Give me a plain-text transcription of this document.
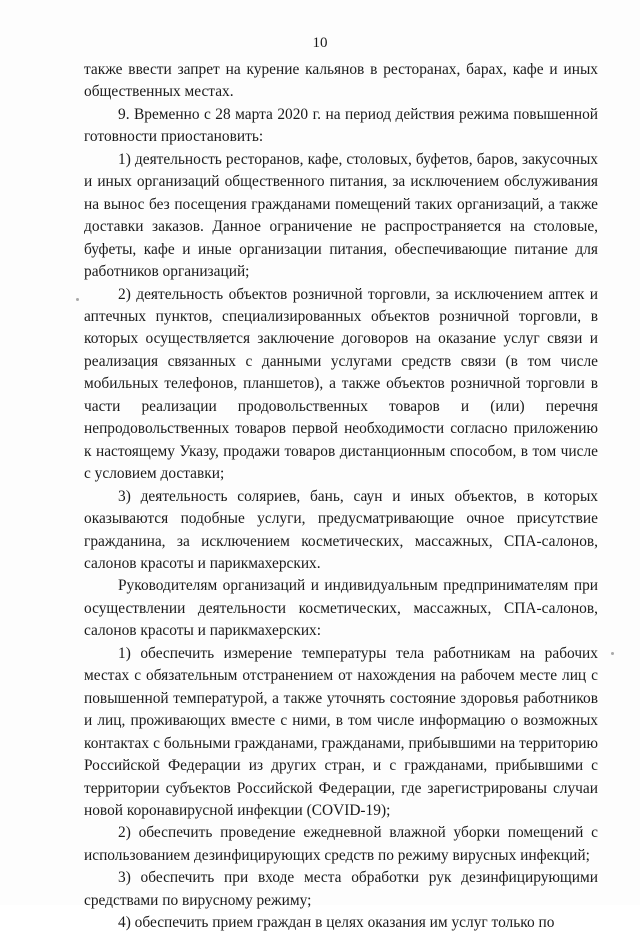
10

также ввести запрет на курение кальянов в ресторанах, барах, кафе и иных общественных местах.

9. Временно с 28 марта 2020 г. на период действия режима повышенной готовности приостановить:

1) деятельность ресторанов, кафе, столовых, буфетов, баров, закусочных и иных организаций общественного питания, за исключением обслуживания на вынос без посещения гражданами помещений таких организаций, а также доставки заказов. Данное ограничение не распространяется на столовые, буфеты, кафе и иные организации питания, обеспечивающие питание для работников организаций;

2) деятельность объектов розничной торговли, за исключением аптек и аптечных пунктов, специализированных объектов розничной торговли, в которых осуществляется заключение договоров на оказание услуг связи и реализация связанных с данными услугами средств связи (в том числе мобильных телефонов, планшетов), а также объектов розничной торговли в части реализации продовольственных товаров и (или) перечня непродовольственных товаров первой необходимости согласно приложению к настоящему Указу, продажи товаров дистанционным способом, в том числе с условием доставки;

3) деятельность соляриев, бань, саун и иных объектов, в которых оказываются подобные услуги, предусматривающие очное присутствие гражданина, за исключением косметических, массажных, СПА-салонов, салонов красоты и парикмахерских.

Руководителям организаций и индивидуальным предпринимателям при осуществлении деятельности косметических, массажных, СПА-салонов, салонов красоты и парикмахерских:

1) обеспечить измерение температуры тела работникам на рабочих местах с обязательным отстранением от нахождения на рабочем месте лиц с повышенной температурой, а также уточнять состояние здоровья работников и лиц, проживающих вместе с ними, в том числе информацию о возможных контактах с больными гражданами, гражданами, прибывшими на территорию Российской Федерации из других стран, и с гражданами, прибывшими с территории субъектов Российской Федерации, где зарегистрированы случаи новой коронавирусной инфекции (COVID-19);

2) обеспечить проведение ежедневной влажной уборки помещений с использованием дезинфицирующих средств по режиму вирусных инфекций;

3) обеспечить при входе места обработки рук дезинфицирующими средствами по вирусному режиму;

4) обеспечить прием граждан в целях оказания им услуг только по
